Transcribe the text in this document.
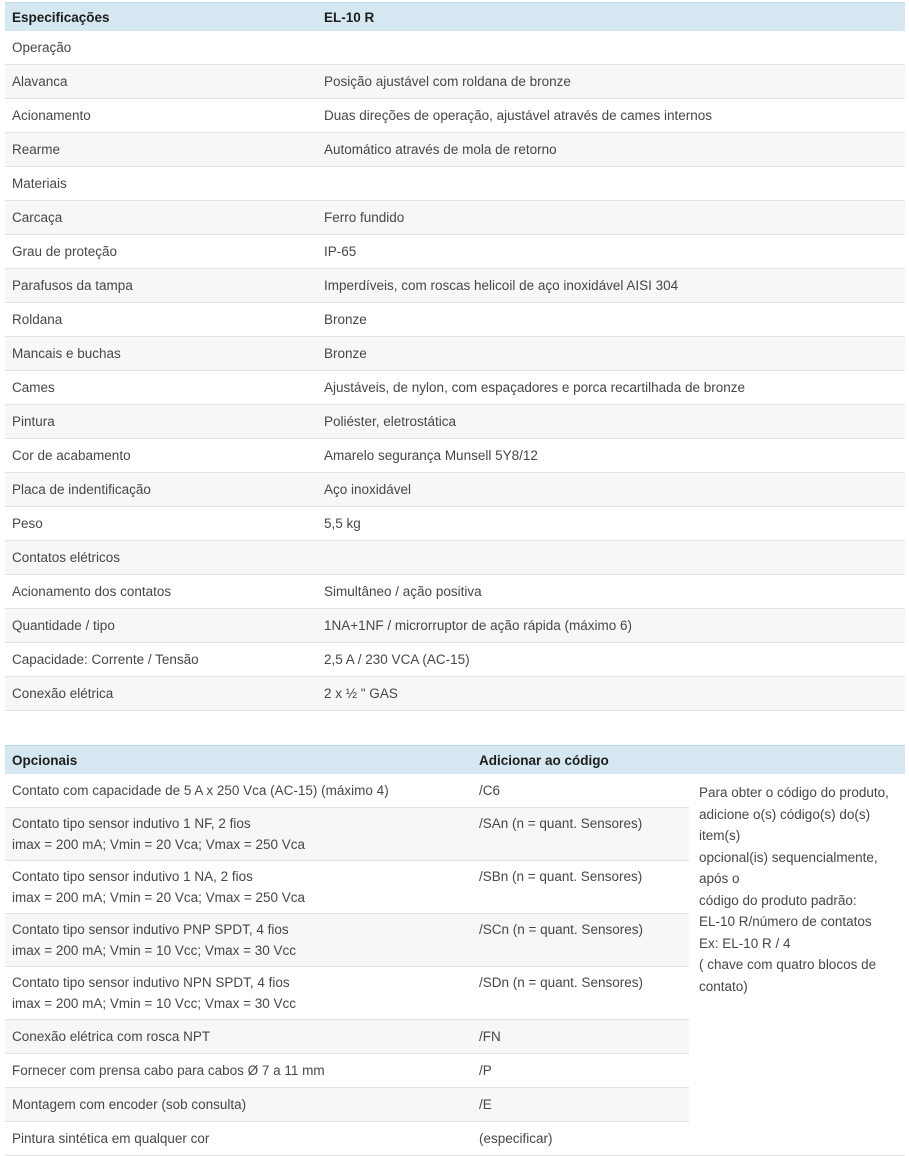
Especificações	EL-10 R
Operação	
Alavanca	Posição ajustável com roldana de bronze
Acionamento	Duas direções de operação, ajustável através de cames internos
Rearme	Automático através de mola de retorno
Materiais	
Carcaça	Ferro fundido
Grau de proteção	IP-65
Parafusos da tampa	Imperdíveis, com roscas helicoil de aço inoxidável AISI 304
Roldana	Bronze
Mancais e buchas	Bronze
Cames	Ajustáveis, de nylon, com espaçadores e porca recartilhada de bronze
Pintura	Poliéster, eletrostática
Cor de acabamento	Amarelo segurança Munsell 5Y8/12
Placa de indentificação	Aço inoxidável
Peso	5,5 kg
Contatos elétricos	
Acionamento dos contatos	Simultâneo / ação positiva
Quantidade / tipo	1NA+1NF / microrruptor de ação rápida (máximo 6)
Capacidade: Corrente / Tensão	2,5 A / 230 VCA (AC-15)
Conexão elétrica	2 x ½ " GAS
Opcionais	Adicionar ao código	

Contato com capacidade de 5 A x 250 Vca (AC-15) (máximo 4)	/C6	Para obter o código do produto,
adicione o(s) código(s) do(s) item(s)
opcional(is) sequencialmente, após o
código do produto padrão:
EL-10 R/número de contatos
Ex: EL-10 R / 4
( chave com quatro blocos de contato)

Contato tipo sensor indutivo 1 NF, 2 fios
imax = 200 mA; Vmin = 20 Vca; Vmax = 250 Vca	/SAn (n = quant. Sensores)	

Contato tipo sensor indutivo 1 NA, 2 fios
imax = 200 mA; Vmin = 20 Vca; Vmax = 250 Vca	/SBn (n = quant. Sensores)	

Contato tipo sensor indutivo PNP SPDT, 4 fios
imax = 200 mA; Vmin = 10 Vcc; Vmax = 30 Vcc	/SCn (n = quant. Sensores)	

Contato tipo sensor indutivo NPN SPDT, 4 fios
imax = 200 mA; Vmin = 10 Vcc; Vmax = 30 Vcc	/SDn (n = quant. Sensores)	

Conexão elétrica com rosca NPT	/FN	

Fornecer com prensa cabo para cabos Ø 7 a 11 mm	/P	

Montagem com encoder (sob consulta)	/E	

Pintura sintética em qualquer cor	(especificar)	
